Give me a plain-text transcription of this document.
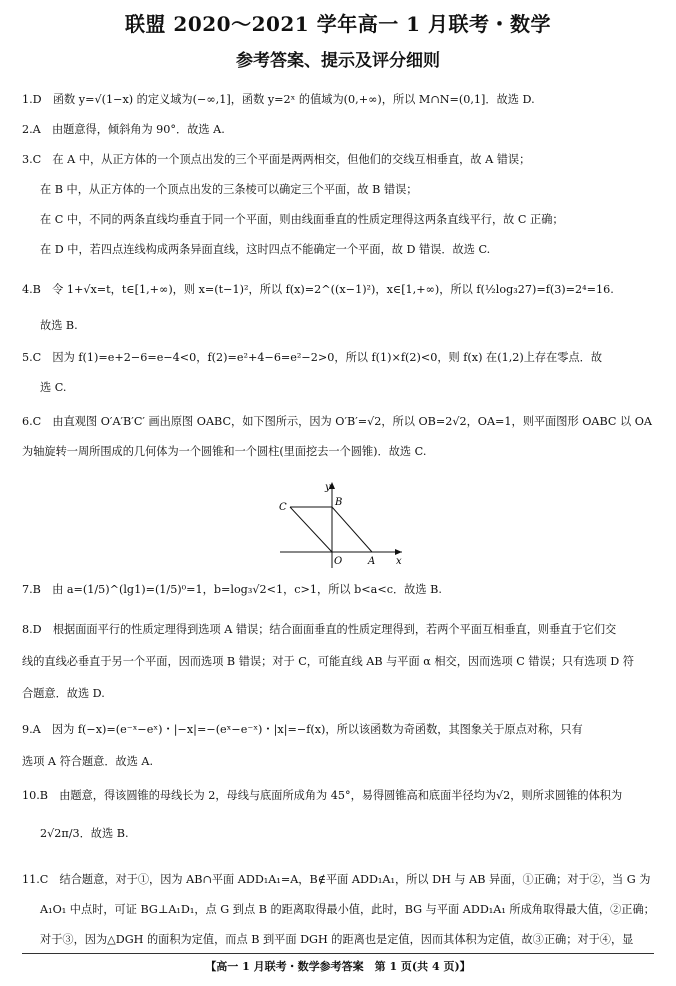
联盟 2020～2021 学年高一 1 月联考・数学
参考答案、提示及评分细则
1.D　函数 y=√(1−x) 的定义域为(−∞,1]，函数 y=2ˣ 的值域为(0,+∞)，所以 M∩N=(0,1]．故选 D.
2.A　由题意得，倾斜角为 90°．故选 A.
3.C　在 A 中，从正方体的一个顶点出发的三个平面是两两相交，但他们的交线互相垂直，故 A 错误；
在 B 中，从正方体的一个顶点出发的三条棱可以确定三个平面，故 B 错误；
在 C 中，不同的两条直线均垂直于同一个平面，则由线面垂直的性质定理得这两条直线平行，故 C 正确；
在 D 中，若四点连线构成两条异面直线，这时四点不能确定一个平面，故 D 错误．故选 C.
4.B　令 1+√x=t，t∈[1,+∞)，则 x=(t−1)²，所以 f(x)=2^((x−1)²)，x∈[1,+∞)，所以 f(½log₃27)=f(3)=2⁴=16.
故选 B.
5.C　因为 f(1)=e+2−6=e−4<0，f(2)=e²+4−6=e²−2>0，所以 f(1)×f(2)<0，则 f(x) 在(1,2)上存在零点．故
选 C.
6.C　由直观图 O′A′B′C′ 画出原图 OABC，如下图所示，因为 O′B′=√2，所以 OB=2√2，OA=1，则平面图形 OABC 以 OA
为轴旋转一周所围成的几何体为一个圆锥和一个圆柱(里面挖去一个圆锥)．故选 C.
y
x
C	B
O	A
7.B　由 a=(1/5)^(lg1)=(1/5)⁰=1，b=log₃√2<1，c>1，所以 b<a<c．故选 B.
8.D　根据面面平行的性质定理得到选项 A 错误；结合面面垂直的性质定理得到，若两个平面互相垂直，则垂直于它们交
线的直线必垂直于另一个平面，因而选项 B 错误；对于 C，可能直线 AB 与平面 α 相交，因而选项 C 错误；只有选项 D 符
合题意．故选 D.
9.A　因为 f(−x)=(e⁻ˣ−eˣ)・|−x|=−(eˣ−e⁻ˣ)・|x|=−f(x)，所以该函数为奇函数，其图象关于原点对称，只有
选项 A 符合题意．故选 A.
10.B　由题意，得该圆锥的母线长为 2，母线与底面所成角为 45°，易得圆锥高和底面半径均为√2，则所求圆锥的体积为
2√2π/3．故选 B.
11.C　结合题意，对于①，因为 AB∩平面 ADD₁A₁=A，B∉平面 ADD₁A₁，所以 DH 与 AB 异面，①正确；对于②，当 G 为
A₁O₁ 中点时，可证 BG⊥A₁D₁，点 G 到点 B 的距离取得最小值，此时，BG 与平面 ADD₁A₁ 所成角取得最大值，②正确；
对于③，因为△DGH 的面积为定值，而点 B 到平面 DGH 的距离也是定值，因而其体积为定值，故③正确；对于④，显
【高一 1 月联考・数学参考答案　第 1 页(共 4 页)】
